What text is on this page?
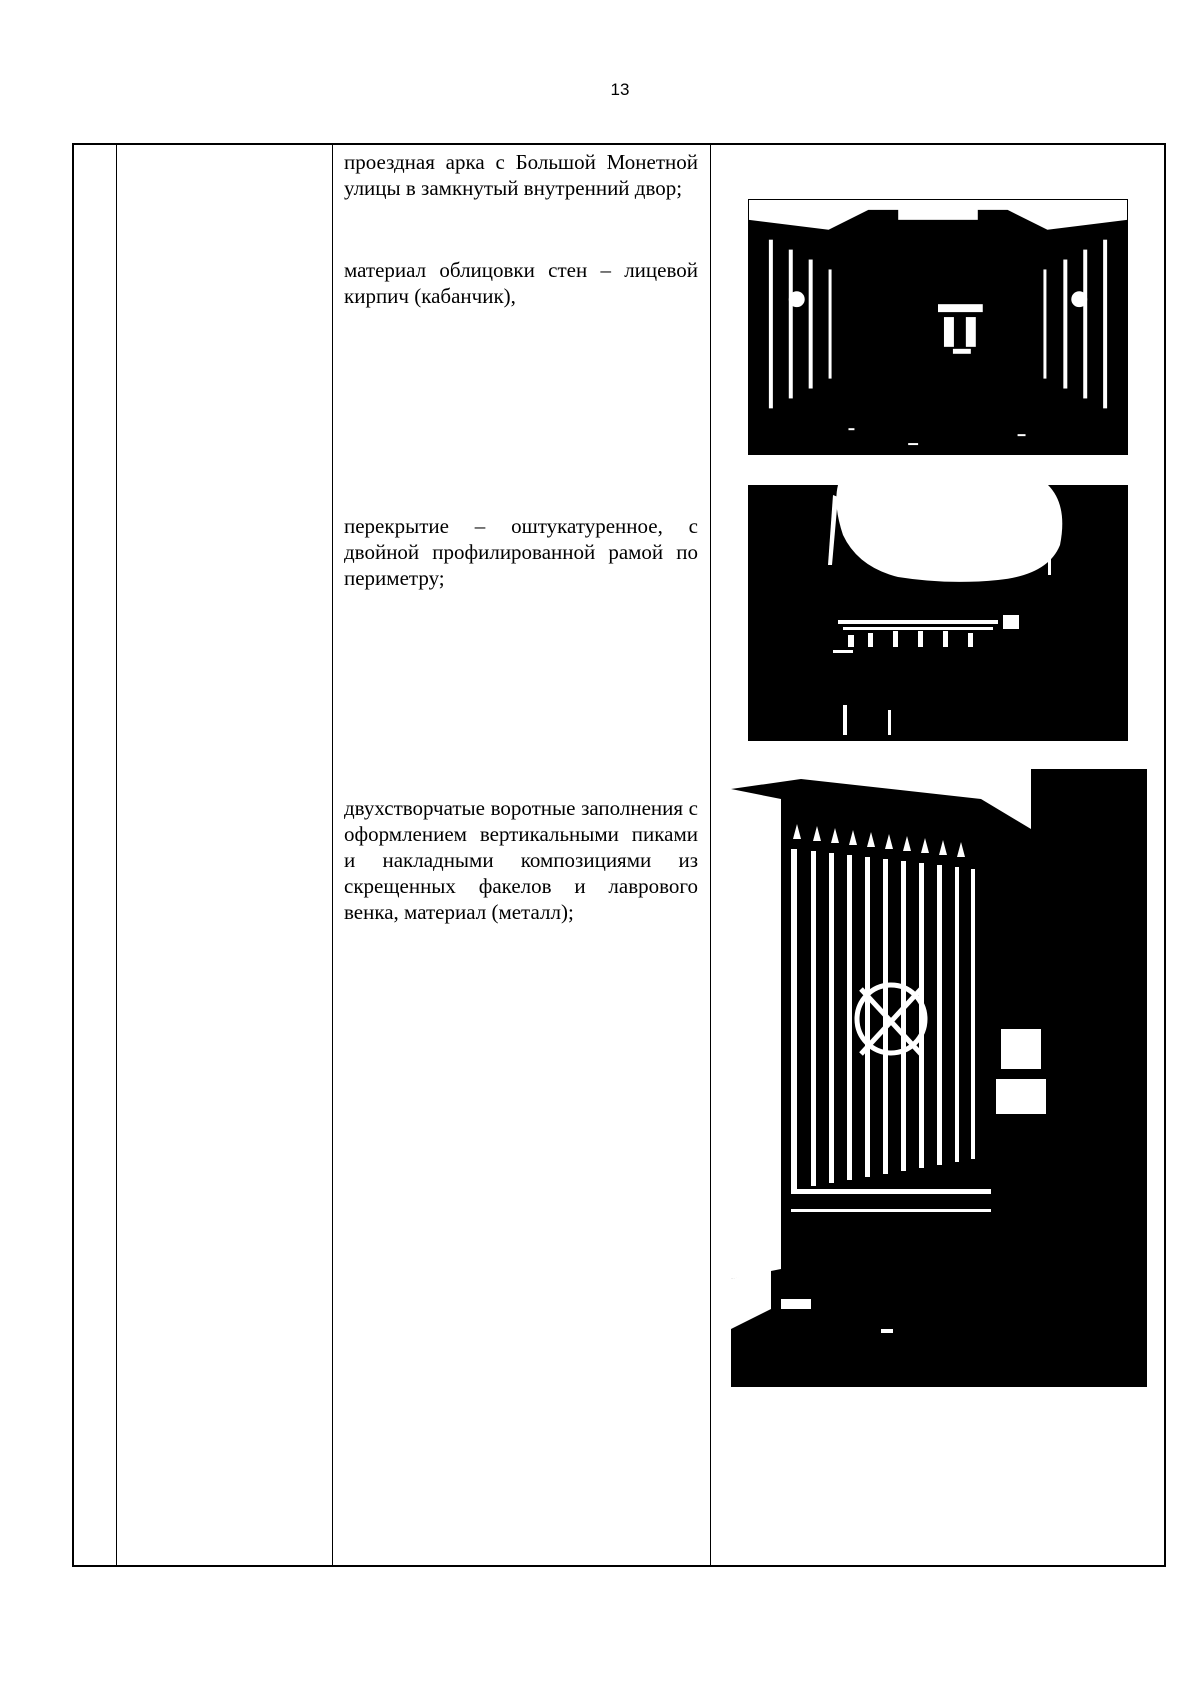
13
проездная арка с Большой Монетной улицы в замкнутый внутренний двор;
материал облицовки стен – лицевой кирпич (кабанчик),
перекрытие – оштукатуренное, с двойной профилированной рамой по периметру;
двухстворчатые воротные заполнения с оформлением вертикальными пиками и накладными композициями из скрещенных факелов и лаврового венка, материал (металл);
